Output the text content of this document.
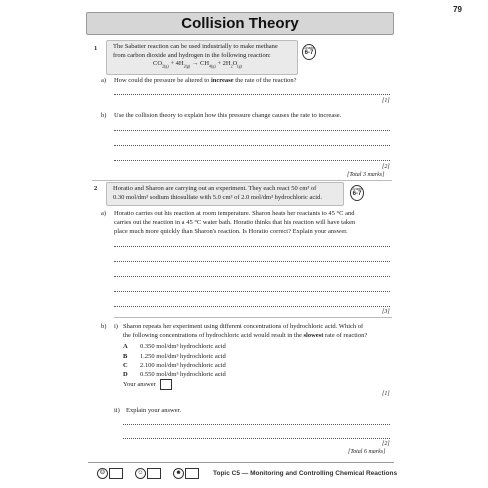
79
Collision Theory
1	The Sabatier reaction can be used industrially to make methane
from carbon dioxide and hydrogen in the following reaction:
$CO_{2(g)} + 4H_{2(g)} \to CH_{4(g)} + 2H_2O_{(g)}$
Grade
6-7
a) How could the pressure be altered to increase the rate of the reaction?
[1]
b) Use the collision theory to explain how this pressure change causes the rate to increase.
[2]
[Total 3 marks]
2	Horatio and Sharon are carrying out an experiment. They each react 50 cm³ of
0.30 mol/dm³ sodium thiosulfate with 5.0 cm³ of 2.0 mol/dm³ hydrochloric acid.
Grade
6-7
a) Horatio carries out his reaction at room temperature. Sharon heats her reactants to 45 °C and
carries out the reaction in a 45 °C water bath. Horatio thinks that his reaction will have taken
place much more quickly than Sharon's reaction. Is Horatio correct? Explain your answer.
[3]
b) i) Sharon repeats her experiment using different concentrations of hydrochloric acid. Which of
the following concentrations of hydrochloric acid would result in the slowest rate of reaction?
A 0.350 mol/dm³ hydrochloric acid
B 1.250 mol/dm³ hydrochloric acid
C 2.100 mol/dm³ hydrochloric acid
D 0.550 mol/dm³ hydrochloric acid
Your answer
[1]
ii) Explain your answer.
[2]
[Total 6 marks]
☹	☺	☻	Topic C5 — Monitoring and Controlling Chemical Reactions
